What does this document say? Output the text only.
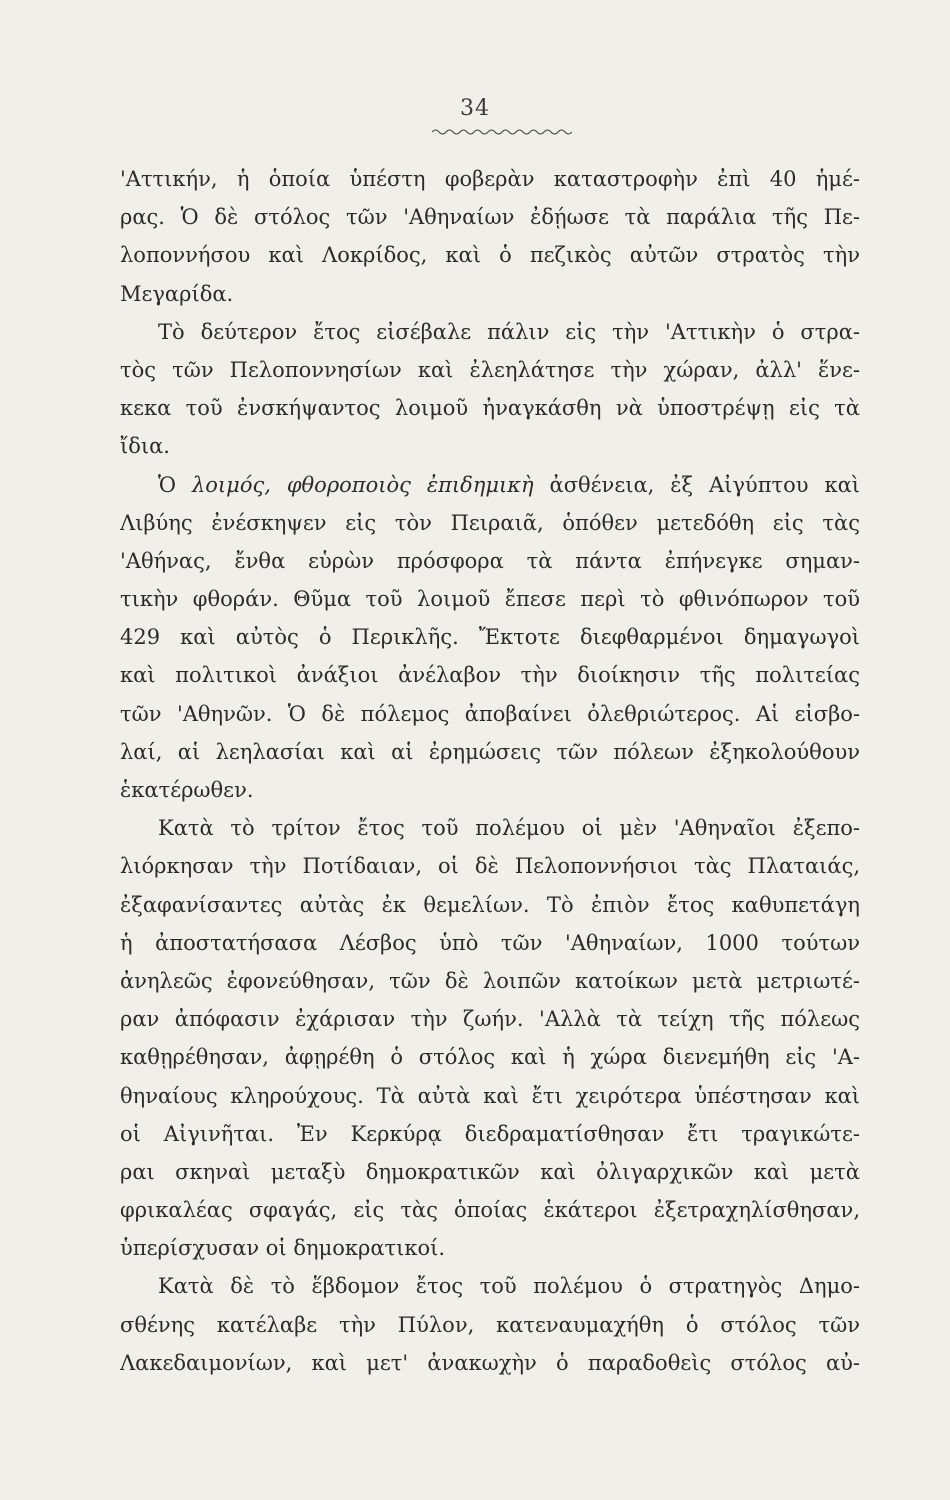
34
'Αττικήν, ἡ ὁποία ὑπέστη φοβερὰν καταστροφὴν ἐπὶ 40 ἡμέ-
ρας. Ὁ δὲ στόλος τῶν 'Αθηναίων ἐδῄωσε τὰ παράλια τῆς Πε-
λοποννήσου καὶ Λοκρίδος, καὶ ὁ πεζικὸς αὐτῶν στρατὸς τὴν
Μεγαρίδα.
Τὸ δεύτερον ἔτος εἰσέβαλε πάλιν εἰς τὴν 'Αττικὴν ὁ στρα-
τὸς τῶν Πελοποννησίων καὶ ἐλεηλάτησε τὴν χώραν, ἀλλ' ἕνε-
κεκα τοῦ ἐνσκήψαντος λοιμοῦ ἠναγκάσθη νὰ ὑποστρέψῃ εἰς τὰ
ἴδια.
Ὁ λοιμός, φθοροποιὸς ἐπιδημικὴ ἀσθένεια, ἐξ Αἰγύπτου καὶ
Λιβύης ἐνέσκηψεν εἰς τὸν Πειραιᾶ, ὁπόθεν μετεδόθη εἰς τὰς
'Αθήνας, ἔνθα εὑρὼν πρόσφορα τὰ πάντα ἐπήνεγκε σημαν-
τικὴν φθοράν. Θῦμα τοῦ λοιμοῦ ἔπεσε περὶ τὸ φθινόπωρον τοῦ
429 καὶ αὐτὸς ὁ Περικλῆς. Ἔκτοτε διεφθαρμένοι δημαγωγοὶ
καὶ πολιτικοὶ ἀνάξιοι ἀνέλαβον τὴν διοίκησιν τῆς πολιτείας
τῶν 'Αθηνῶν. Ὁ δὲ πόλεμος ἀποβαίνει ὀλεθριώτερος. Αἱ εἰσβο-
λαί, αἱ λεηλασίαι καὶ αἱ ἐρημώσεις τῶν πόλεων ἐξηκολούθουν
ἑκατέρωθεν.
Κατὰ τὸ τρίτον ἔτος τοῦ πολέμου οἱ μὲν 'Αθηναῖοι ἐξεπο-
λιόρκησαν τὴν Ποτίδαιαν, οἱ δὲ Πελοποννήσιοι τὰς Πλαταιάς,
ἐξαφανίσαντες αὐτὰς ἐκ θεμελίων. Τὸ ἐπιὸν ἔτος καθυπετάγη
ἡ ἀποστατήσασα Λέσβος ὑπὸ τῶν 'Αθηναίων, 1000 τούτων
ἀνηλεῶς ἐφονεύθησαν, τῶν δὲ λοιπῶν κατοίκων μετὰ μετριωτέ-
ραν ἀπόφασιν ἐχάρισαν τὴν ζωήν. 'Αλλὰ τὰ τείχη τῆς πόλεως
καθῃρέθησαν, ἀφῃρέθη ὁ στόλος καὶ ἡ χώρα διενεμήθη εἰς 'Α-
θηναίους κληρούχους. Τὰ αὐτὰ καὶ ἔτι χειρότερα ὑπέστησαν καὶ
οἱ Αἰγινῆται. Ἐν Κερκύρᾳ διεδραματίσθησαν ἔτι τραγικώτε-
ραι σκηναὶ μεταξὺ δημοκρατικῶν καὶ ὀλιγαρχικῶν καὶ μετὰ
φρικαλέας σφαγάς, εἰς τὰς ὁποίας ἑκάτεροι ἐξετραχηλίσθησαν,
ὑπερίσχυσαν οἱ δημοκρατικοί.
Κατὰ δὲ τὸ ἕβδομον ἔτος τοῦ πολέμου ὁ στρατηγὸς Δημο-
σθένης κατέλαβε τὴν Πύλον, κατεναυμαχήθη ὁ στόλος τῶν
Λακεδαιμονίων, καὶ μετ' ἀνακωχὴν ὁ παραδοθεὶς στόλος αὐ-
